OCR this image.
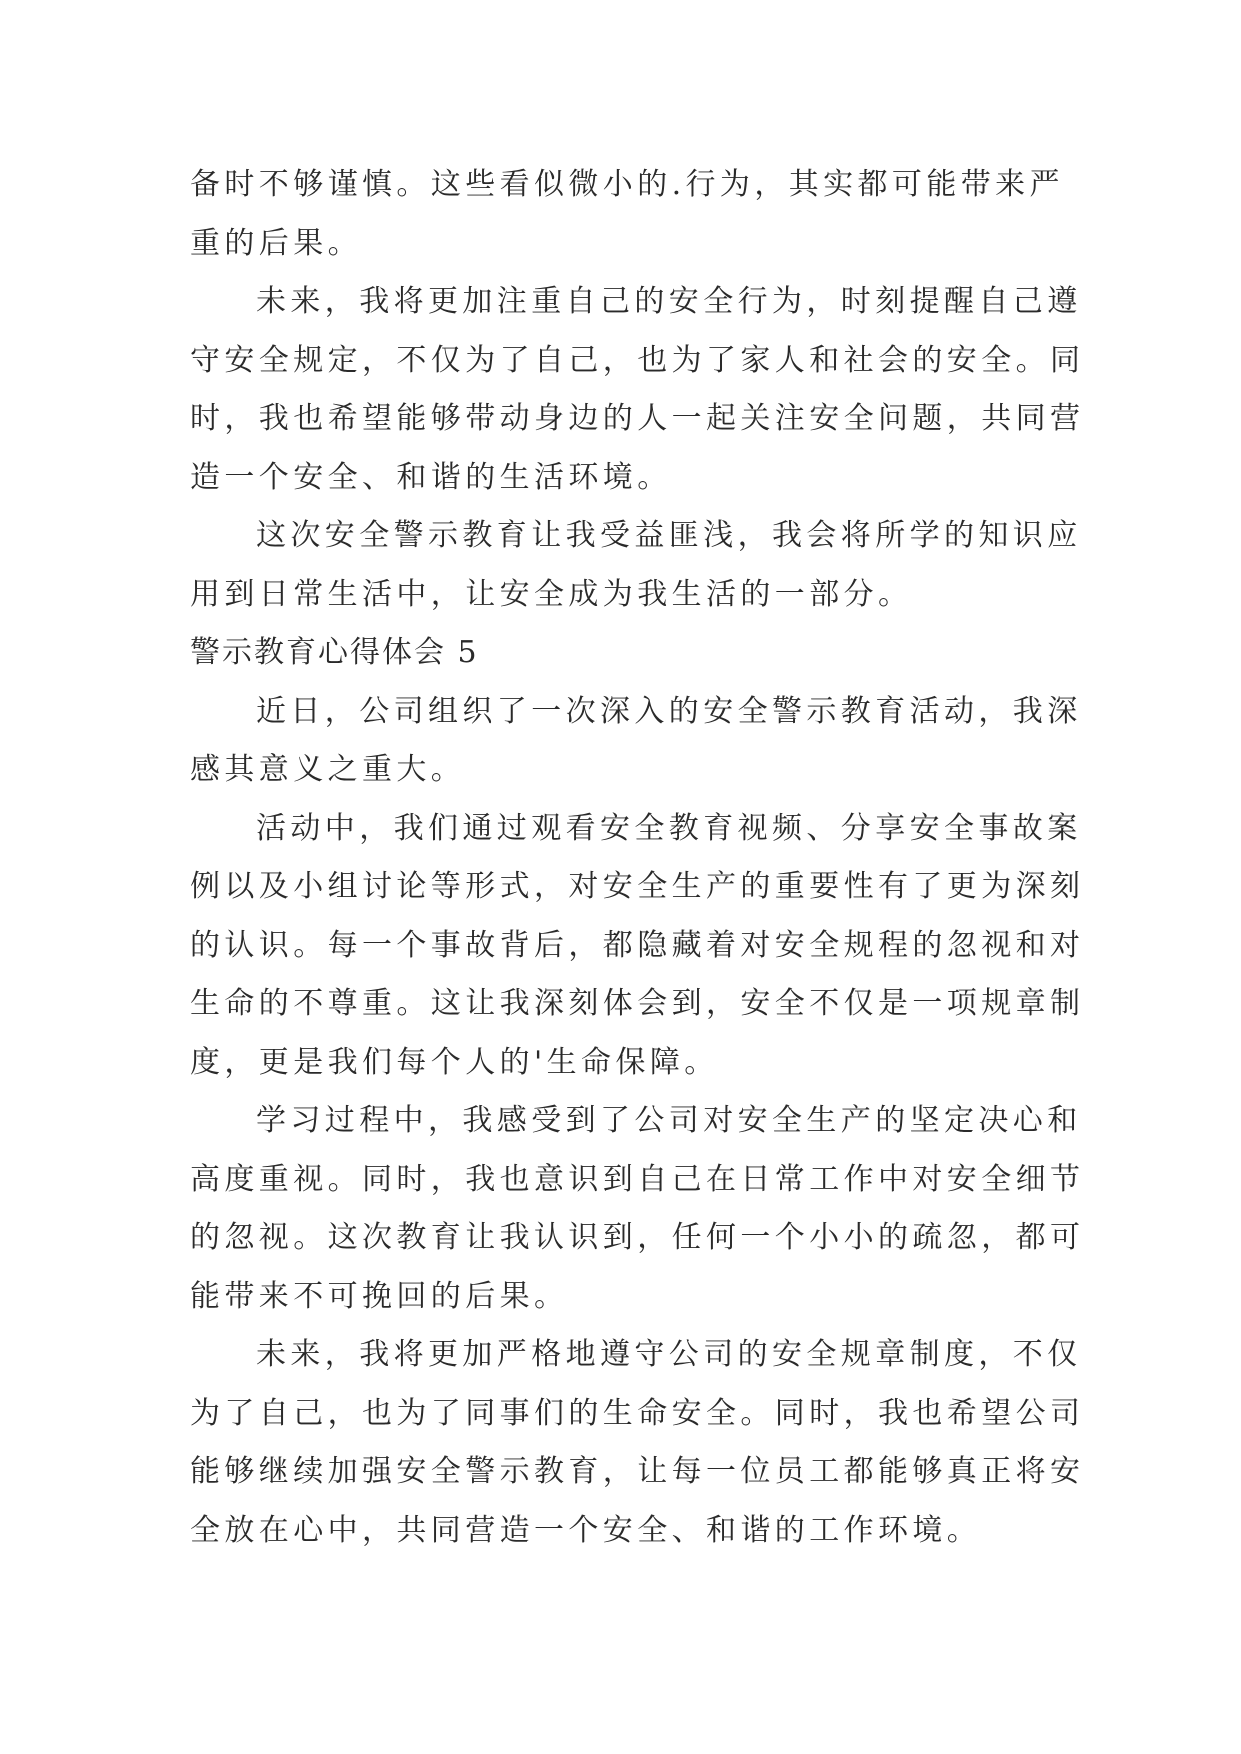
备时不够谨慎。这些看似微小的.行为，其实都可能带来严
重的后果。
未来，我将更加注重自己的安全行为，时刻提醒自己遵
守安全规定，不仅为了自己，也为了家人和社会的安全。同
时，我也希望能够带动身边的人一起关注安全问题，共同营
造一个安全、和谐的生活环境。
这次安全警示教育让我受益匪浅，我会将所学的知识应
用到日常生活中，让安全成为我生活的一部分。
警示教育心得体会 5
近日，公司组织了一次深入的安全警示教育活动，我深
感其意义之重大。
活动中，我们通过观看安全教育视频、分享安全事故案
例以及小组讨论等形式，对安全生产的重要性有了更为深刻
的认识。每一个事故背后，都隐藏着对安全规程的忽视和对
生命的不尊重。这让我深刻体会到，安全不仅是一项规章制
度，更是我们每个人的'生命保障。
学习过程中，我感受到了公司对安全生产的坚定决心和
高度重视。同时，我也意识到自己在日常工作中对安全细节
的忽视。这次教育让我认识到，任何一个小小的疏忽，都可
能带来不可挽回的后果。
未来，我将更加严格地遵守公司的安全规章制度，不仅
为了自己，也为了同事们的生命安全。同时，我也希望公司
能够继续加强安全警示教育，让每一位员工都能够真正将安
全放在心中，共同营造一个安全、和谐的工作环境。
